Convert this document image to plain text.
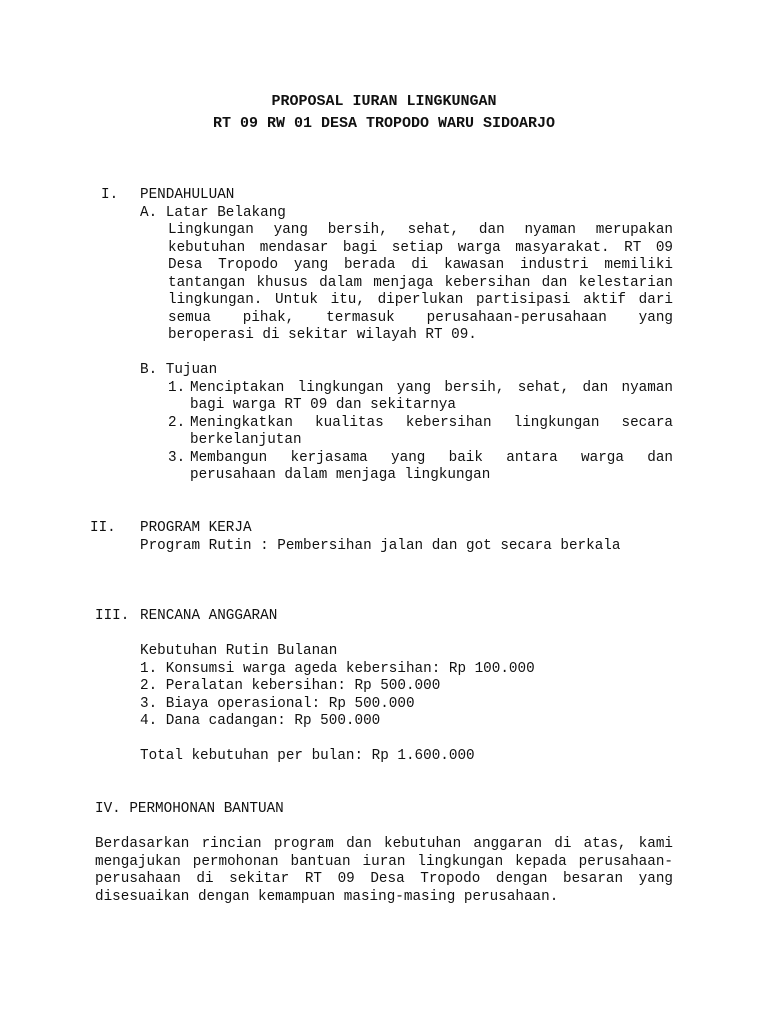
PROPOSAL IURAN LINGKUNGAN
RT 09 RW 01 DESA TROPODO WARU SIDOARJO
I. PENDAHULUAN
A. Latar Belakang
Lingkungan yang bersih, sehat, dan nyaman merupakan
kebutuhan mendasar bagi setiap warga masyarakat. RT 09
Desa Tropodo yang berada di kawasan industri memiliki
tantangan khusus dalam menjaga kebersihan dan kelestarian
lingkungan. Untuk itu, diperlukan partisipasi aktif dari
semua pihak, termasuk perusahaan-perusahaan yang
beroperasi di sekitar wilayah RT 09.
B. Tujuan
1. Menciptakan lingkungan yang bersih, sehat, dan nyaman
bagi warga RT 09 dan sekitarnya
2. Meningkatkan kualitas kebersihan lingkungan secara
berkelanjutan
3. Membangun kerjasama yang baik antara warga dan
perusahaan dalam menjaga lingkungan
II. PROGRAM KERJA
Program Rutin : Pembersihan jalan dan got secara berkala
III. RENCANA ANGGARAN
Kebutuhan Rutin Bulanan
1. Konsumsi warga ageda kebersihan: Rp 100.000
2. Peralatan kebersihan: Rp 500.000
3. Biaya operasional: Rp 500.000
4. Dana cadangan: Rp 500.000
Total kebutuhan per bulan: Rp 1.600.000
IV. PERMOHONAN BANTUAN
Berdasarkan rincian program dan kebutuhan anggaran di atas, kami
mengajukan permohonan bantuan iuran lingkungan kepada perusahaan-
perusahaan di sekitar RT 09 Desa Tropodo dengan besaran yang
disesuaikan dengan kemampuan masing-masing perusahaan.
